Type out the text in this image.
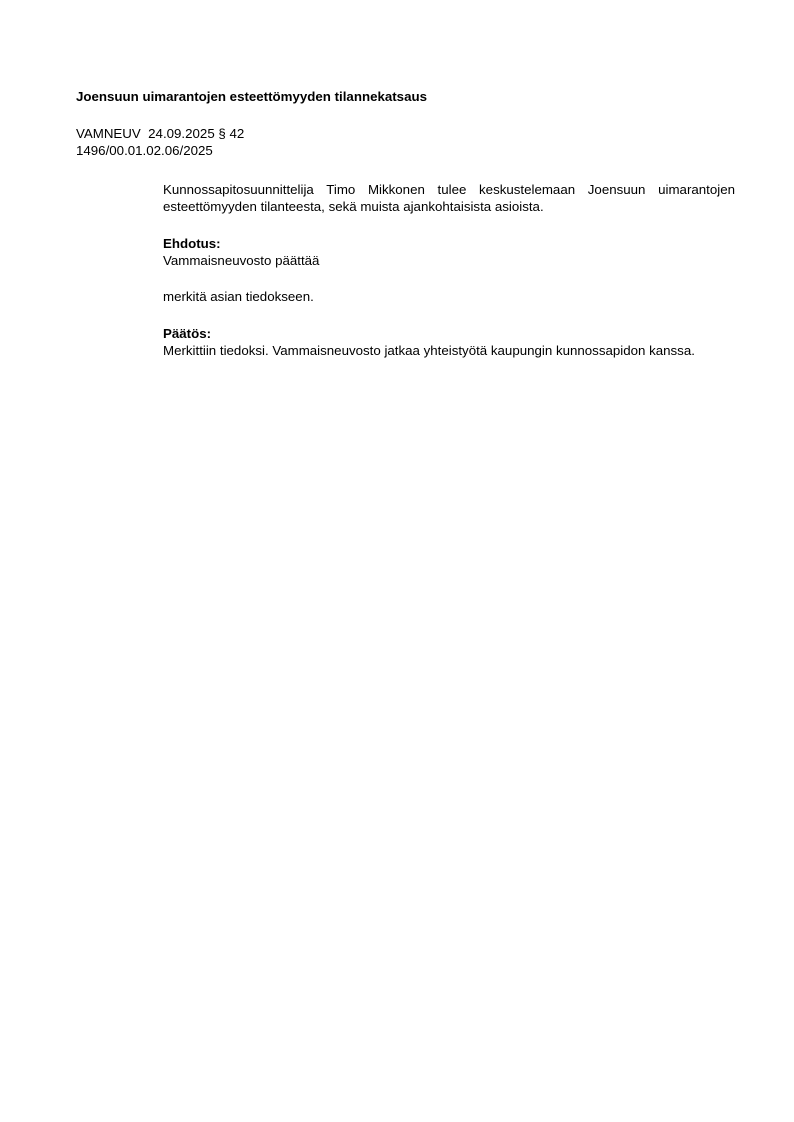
Joensuun uimarantojen esteettömyyden tilannekatsaus
VAMNEUV  24.09.2025 § 42
1496/00.01.02.06/2025

Kunnossapitosuunnittelija Timo Mikkonen tulee keskustelemaan Joensuun uimarantojen esteettömyyden tilanteesta, sekä muista ajankohtaisista asioista.

Ehdotus:
Vammaisneuvosto päättää
merkitä asian tiedokseen.
Päätös:

Merkittiin tiedoksi. Vammaisneuvosto jatkaa yhteistyötä kaupungin kunnossapidon kanssa.
